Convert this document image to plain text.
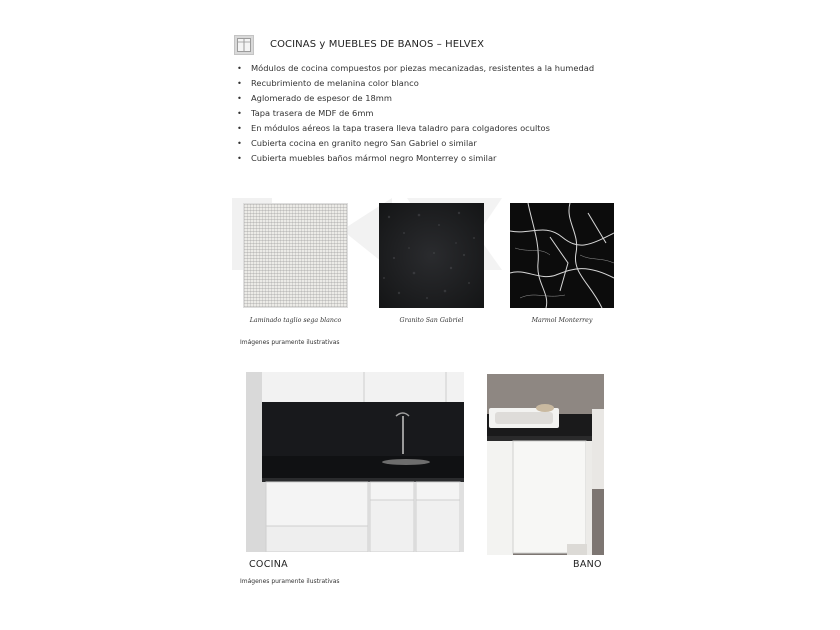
COCINAS y MUEBLES DE BANOS – HELVEX
• Módulos de cocina compuestos por piezas mecanizadas, resistentes a la humedad
• Recubrimiento de melanina color blanco
• Aglomerado de espesor de 18mm
• Tapa trasera de MDF de 6mm
• En módulos aéreos la tapa trasera lleva taladro para colgadores ocultos
• Cubierta cocina en granito negro San Gabriel o similar
• Cubierta muebles baños mármol negro Monterrey o similar
Laminado taglio sega blanco	Granito San Gabriel	Marmol Monterrey
Imágenes puramente ilustrativas
COCINA	BANO
Imágenes puramente ilustrativas
